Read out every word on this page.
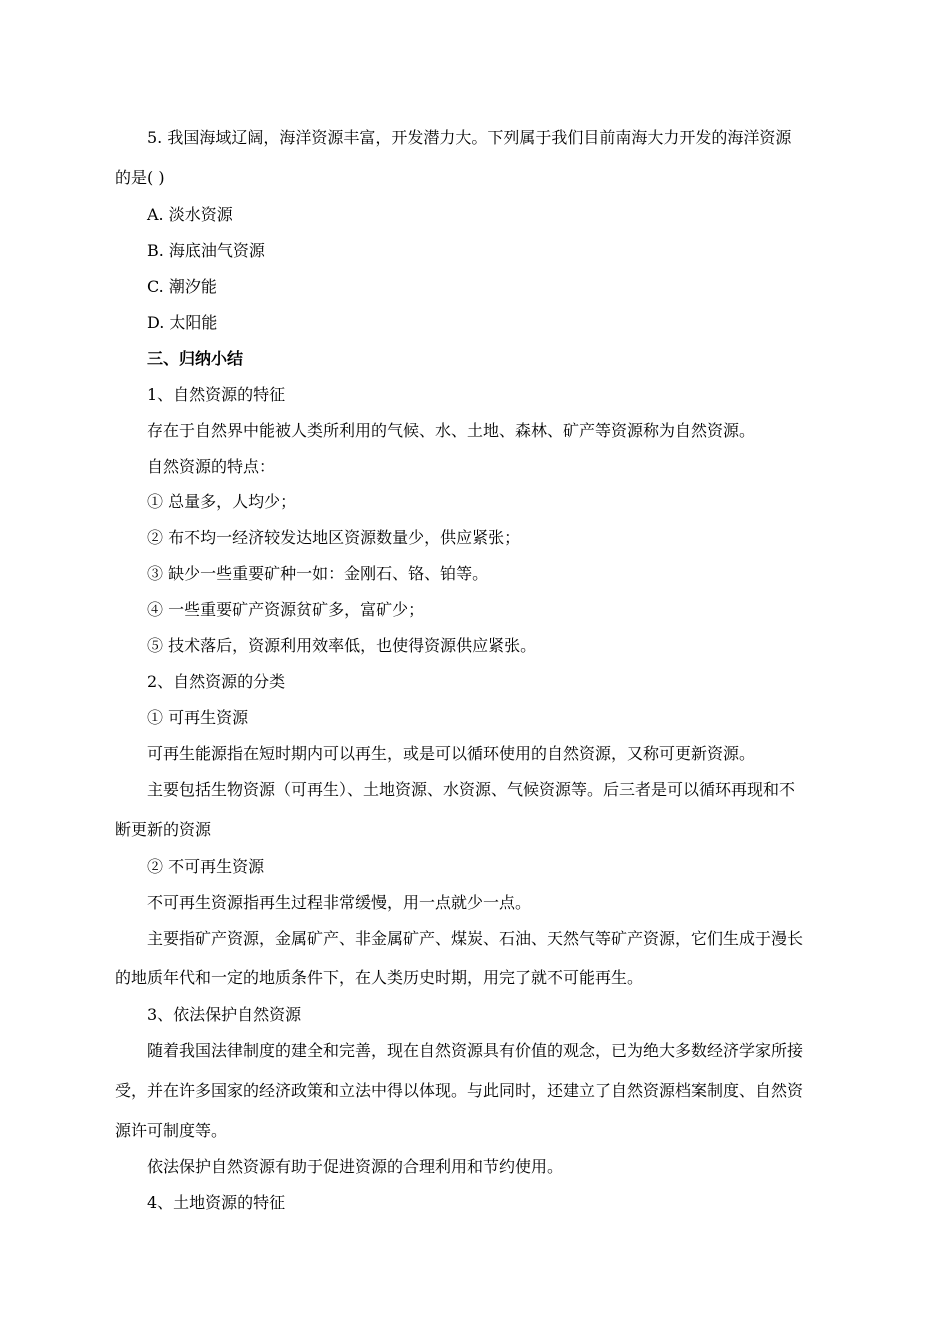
5. 我国海域辽阔，海洋资源丰富，开发潜力大。下列属于我们目前南海大力开发的海洋资源
的是( )
A. 淡水资源
B. 海底油气资源
C. 潮汐能
D. 太阳能
三、归纳小结
1、自然资源的特征
存在于自然界中能被人类所利用的气候、水、土地、森林、矿产等资源称为自然资源。
自然资源的特点：
① 总量多，人均少；
② 布不均一经济较发达地区资源数量少，供应紧张；
③ 缺少一些重要矿种一如：金刚石、铬、铂等。
④ 一些重要矿产资源贫矿多，富矿少；
⑤ 技术落后，资源利用效率低，也使得资源供应紧张。
2、自然资源的分类
① 可再生资源
可再生能源指在短时期内可以再生，或是可以循环使用的自然资源，又称可更新资源。
主要包括生物资源（可再生）、土地资源、水资源、气候资源等。后三者是可以循环再现和不
断更新的资源
② 不可再生资源
不可再生资源指再生过程非常缓慢，用一点就少一点。
主要指矿产资源，金属矿产、非金属矿产、煤炭、石油、天然气等矿产资源，它们生成于漫长
的地质年代和一定的地质条件下，在人类历史时期，用完了就不可能再生。
3、依法保护自然资源
随着我国法律制度的建全和完善，现在自然资源具有价值的观念，已为绝大多数经济学家所接
受，并在许多国家的经济政策和立法中得以体现。与此同时，还建立了自然资源档案制度、自然资
源许可制度等。
依法保护自然资源有助于促进资源的合理利用和节约使用。
4、土地资源的特征
